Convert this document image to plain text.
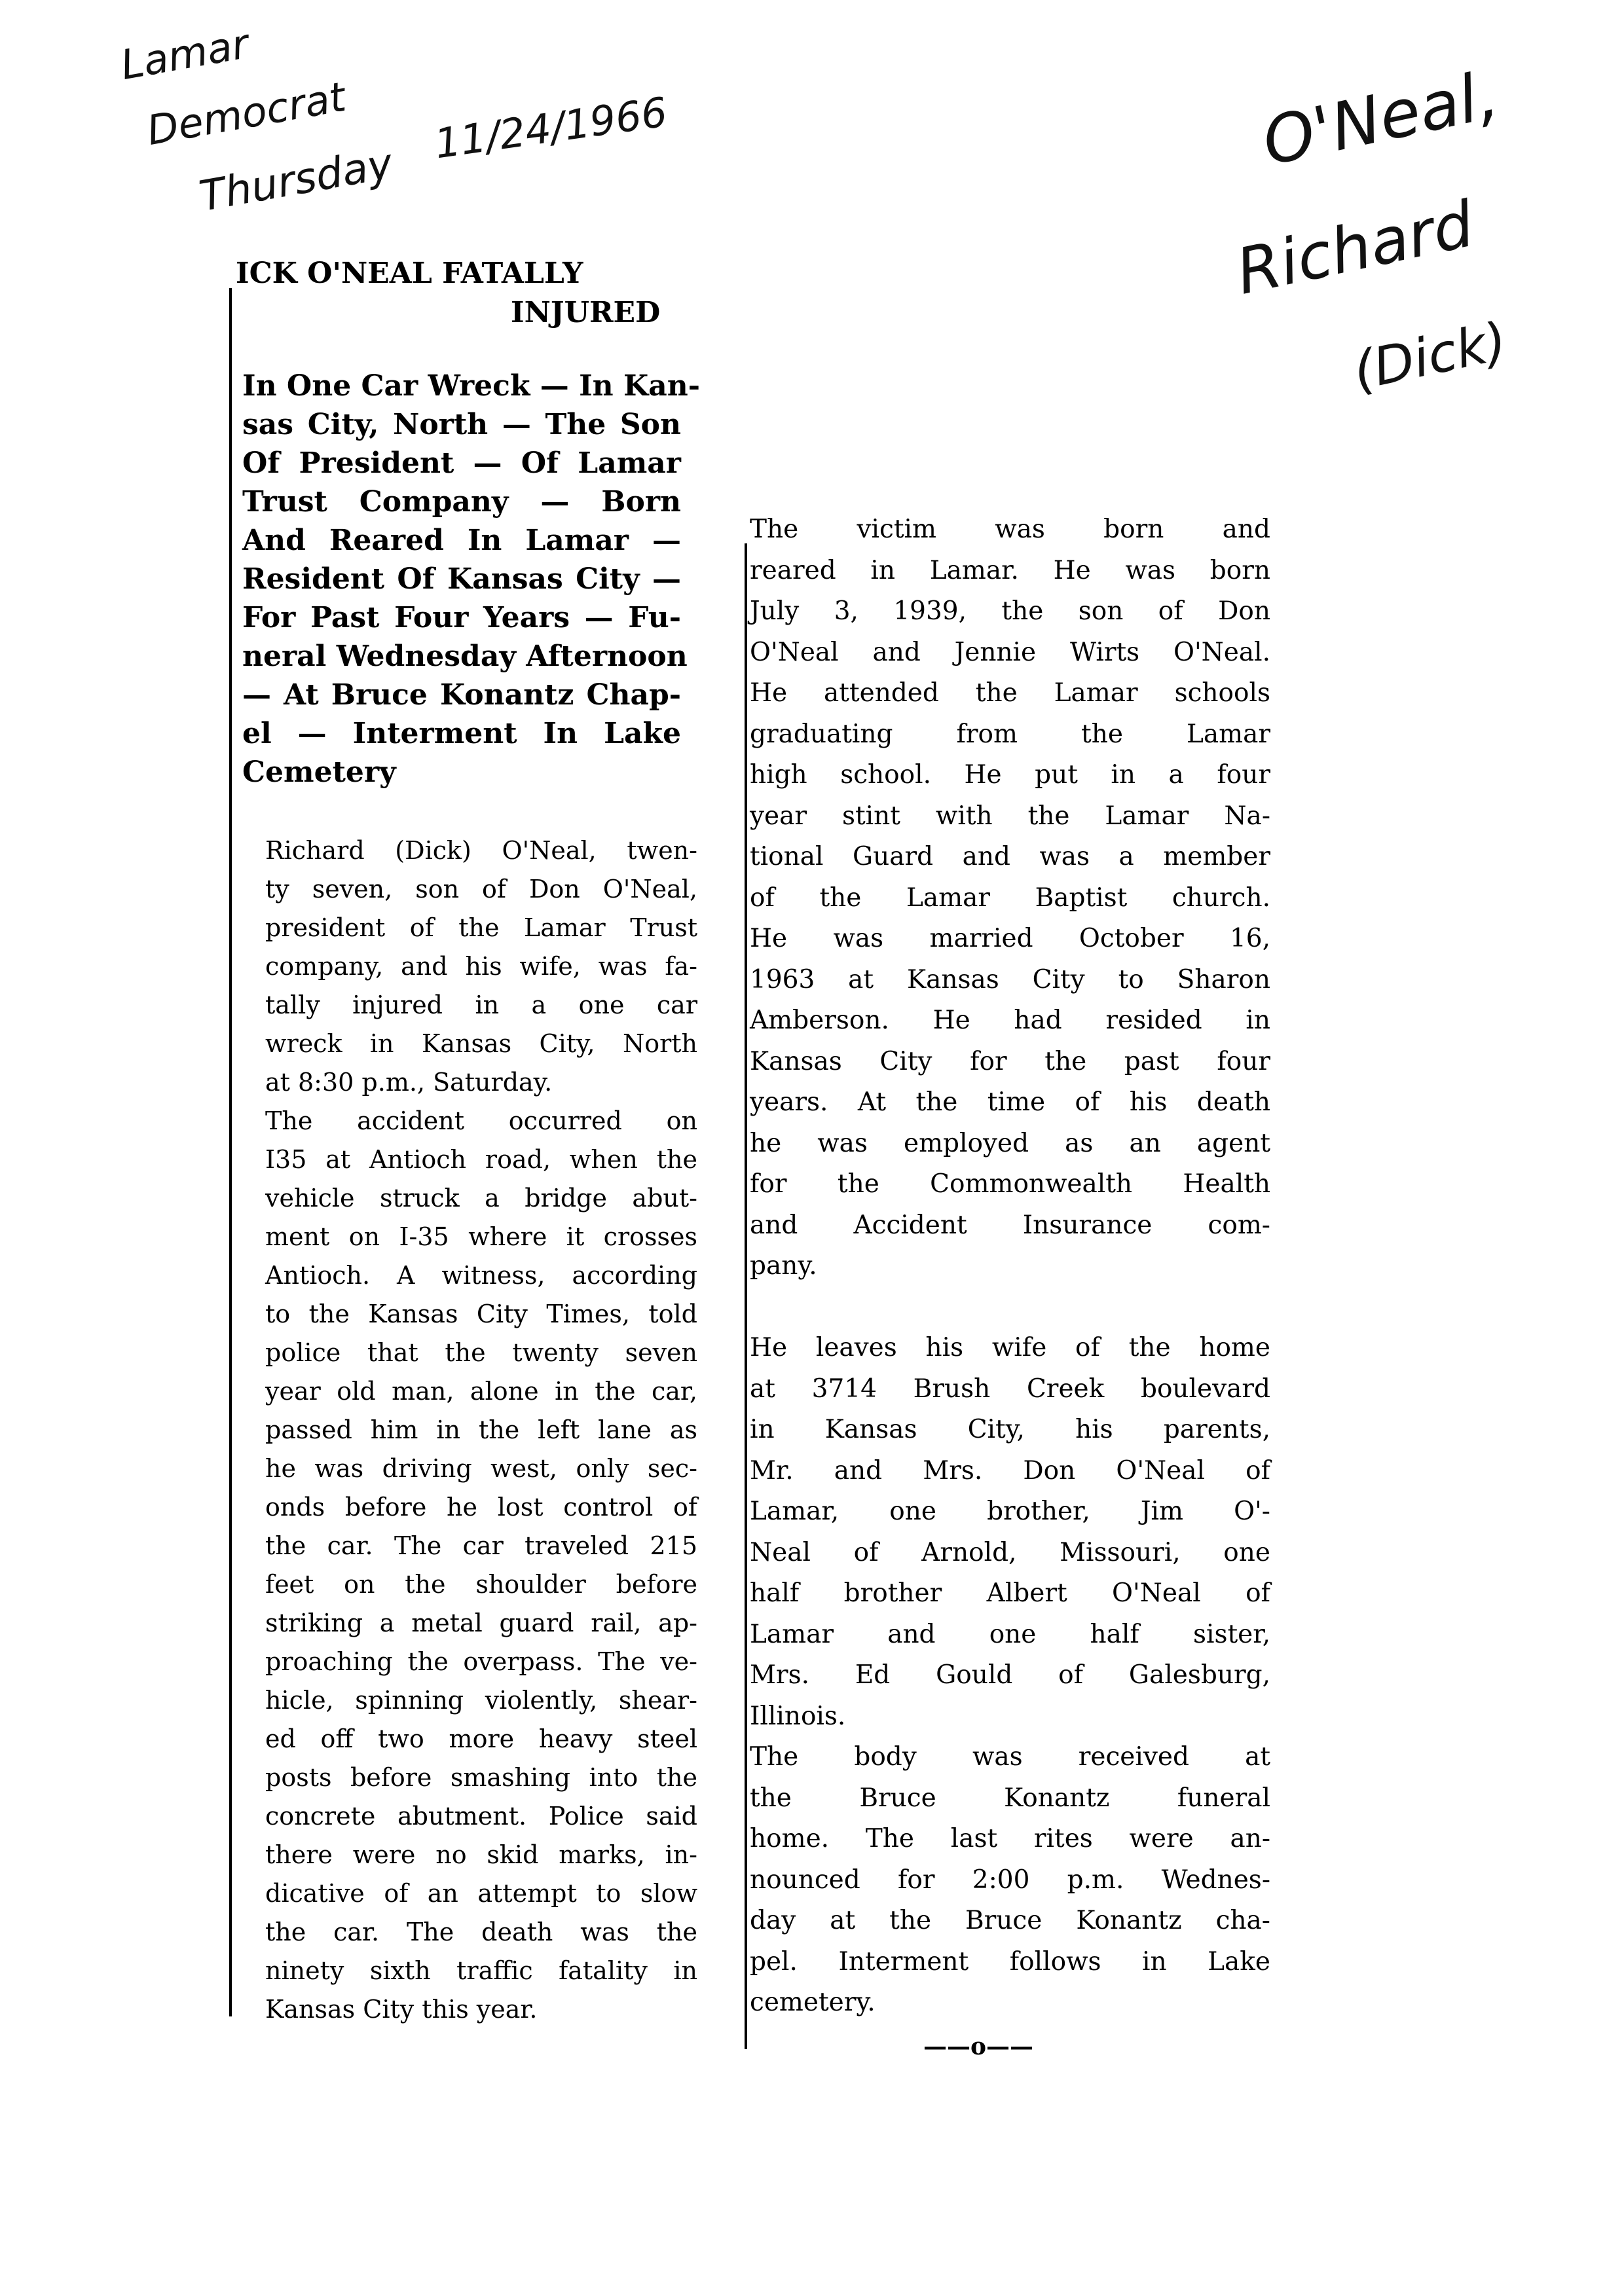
Lamar
Democrat
Thursday
11/24/1966	O'Neal,
Richard
(Dick)
ICK O'NEAL FATALLY
INJURED
In One Car Wreck — In Kan-
sas City, North — The Son
Of President — Of Lamar
Trust Company — Born
And Reared In Lamar —
Resident Of Kansas City —
For Past Four Years — Fu-
neral Wednesday Afternoon
— At Bruce Konantz Chap-
el — Interment In Lake
Cemetery
Richard (Dick) O'Neal, twen-
ty seven, son of Don O'Neal,
president of the Lamar Trust
company, and his wife, was fa-
tally injured in a one car
wreck in Kansas City, North
at 8:30 p.m., Saturday.
The accident occurred on
I35 at Antioch road, when the
vehicle struck a bridge abut-
ment on I-35 where it crosses
Antioch. A witness, according
to the Kansas City Times, told
police that the twenty seven
year old man, alone in the car,
passed him in the left lane as
he was driving west, only sec-
onds before he lost control of
the car. The car traveled 215
feet on the shoulder before
striking a metal guard rail, ap-
proaching the overpass. The ve-
hicle, spinning violently, shear-
ed off two more heavy steel
posts before smashing into the
concrete abutment. Police said
there were no skid marks, in-
dicative of an attempt to slow
the car. The death was the
ninety sixth traffic fatality in
Kansas City this year.
The victim was born and
reared in Lamar. He was born
July 3, 1939, the son of Don
O'Neal and Jennie Wirts O'Neal.
He attended the Lamar schools
graduating from the Lamar
high school. He put in a four
year stint with the Lamar Na-
tional Guard and was a member
of the Lamar Baptist church.
He was married October 16,
1963 at Kansas City to Sharon
Amberson. He had resided in
Kansas City for the past four
years. At the time of his death
he was employed as an agent
for the Commonwealth Health
and Accident Insurance com-
pany.
He leaves his wife of the home
at 3714 Brush Creek boulevard
in Kansas City, his parents,
Mr. and Mrs. Don O'Neal of
Lamar, one brother, Jim O'-
Neal of Arnold, Missouri, one
half brother Albert O'Neal of
Lamar and one half sister,
Mrs. Ed Gould of Galesburg,
Illinois.
The body was received at
the Bruce Konantz funeral
home. The last rites were an-
nounced for 2:00 p.m. Wednes-
day at the Bruce Konantz cha-
pel. Interment follows in Lake
cemetery.
——o——
